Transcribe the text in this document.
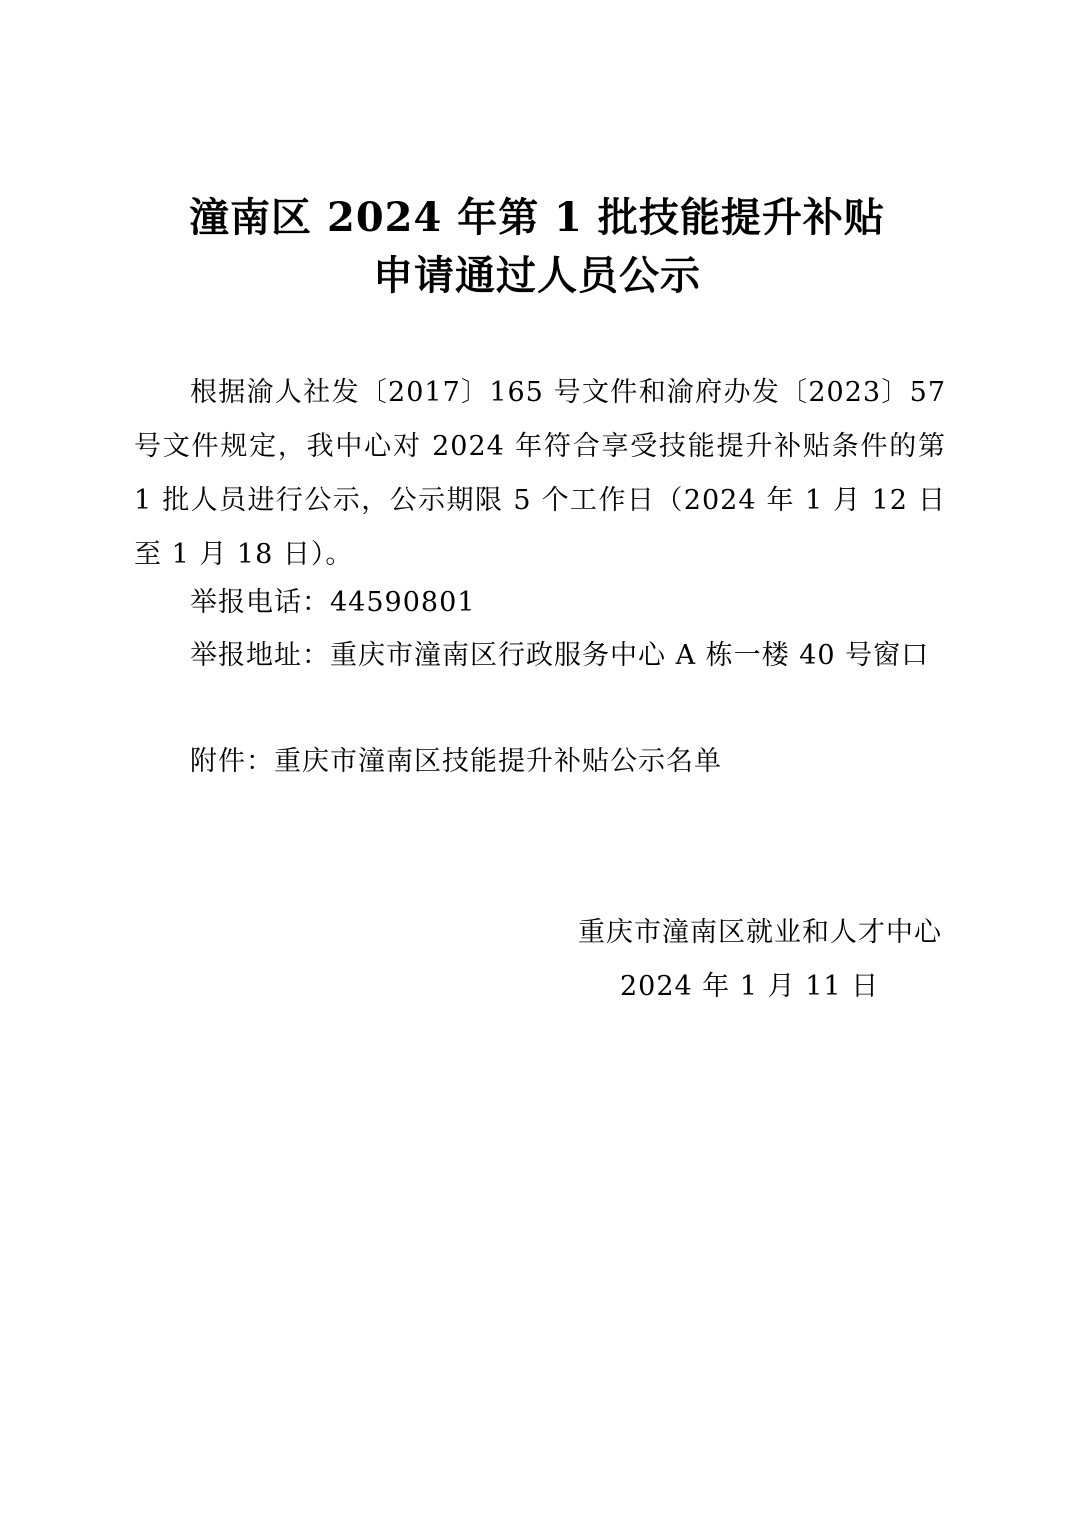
潼南区 2024 年第 1 批技能提升补贴
申请通过人员公示
根据渝人社发〔2017〕165 号文件和渝府办发〔2023〕57 号文件规定，我中心对 2024 年符合享受技能提升补贴条件的第 1 批人员进行公示，公示期限 5 个工作日（2024 年 1 月 12 日至 1 月 18 日）。
举报电话：44590801
举报地址：重庆市潼南区行政服务中心 A 栋一楼 40 号窗口
附件：重庆市潼南区技能提升补贴公示名单
重庆市潼南区就业和人才中心
2024 年 1 月 11 日
